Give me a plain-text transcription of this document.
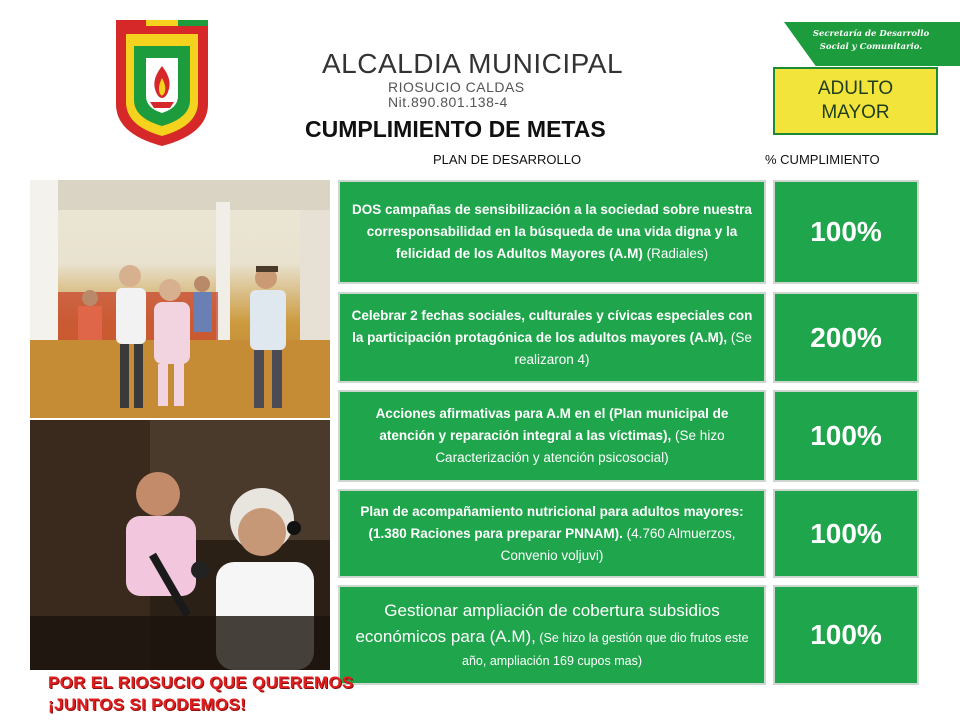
Secretaría de Desarrollo
Social y Comunitario.
ALCALDIA MUNICIPAL
RIOSUCIO CALDAS
Nit.890.801.138-4
ADULTO
MAYOR
CUMPLIMIENTO DE METAS
PLAN DE DESARROLLO	% CUMPLIMIENTO

DOS campañas de sensibilización a la sociedad sobre nuestra corresponsabilidad en la búsqueda de una vida digna y la felicidad de los Adultos Mayores (A.M) (Radiales)

100%

Celebrar 2 fechas sociales, culturales y cívicas especiales con la participación protagónica de los adultos mayores (A.M), (Se realizaron 4)

200%

Acciones afirmativas para A.M en el (Plan municipal de atención y reparación integral a las víctimas), (Se hizo Caracterización y atención psicosocial)

100%

Plan de acompañamiento nutricional para adultos mayores: (1.380 Raciones para preparar PNNAM). (4.760 Almuerzos, Convenio voljuvi)

100%

Gestionar ampliación de cobertura subsidios económicos para (A.M), (Se hizo la gestión que dio frutos este año, ampliación 169 cupos mas)

100%
POR EL RIOSUCIO QUE QUEREMOS
¡JUNTOS SI PODEMOS!
